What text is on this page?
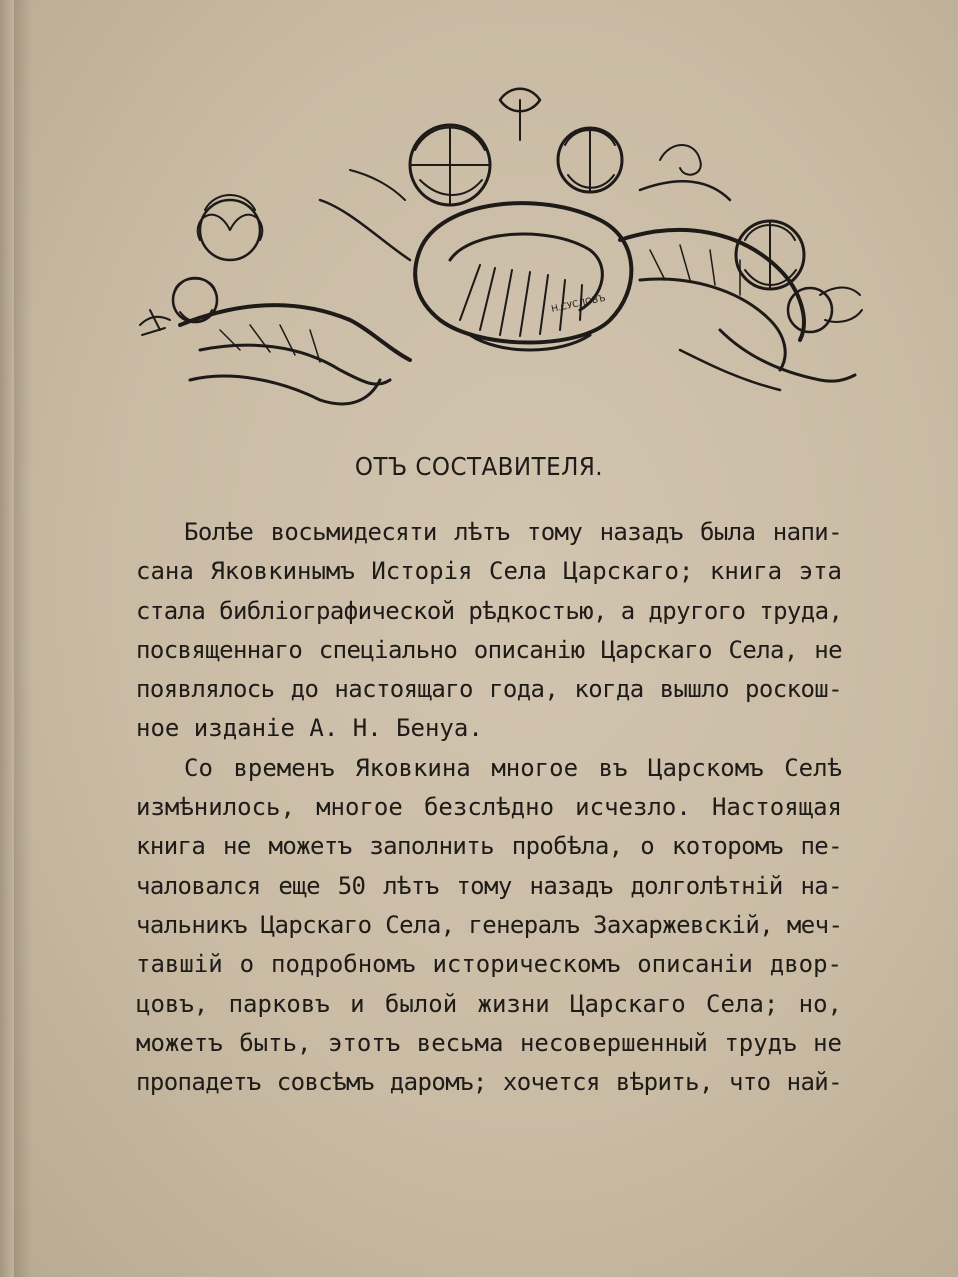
Н.СУСЛОВЪ
ОТЪ СОСТАВИТЕЛЯ.
Болѣе восьмидесяти лѣтъ тому назадъ была напи-
сана Яковкинымъ Исторія Села Царскаго; книга эта
стала библіографической рѣдкостью, а другого труда,
посвященнаго спеціально описанію Царскаго Села, не
появлялось до настоящаго года, когда вышло роскош-
ное изданіе А. Н. Бенуа.
Со временъ Яковкина многое въ Царскомъ Селѣ
измѣнилось, многое безслѣдно исчезло. Настоящая
книга не можетъ заполнить пробѣла, о которомъ пе-
чаловался еще 50 лѣтъ тому назадъ долголѣтній на-
чальникъ Царскаго Села, генералъ Захаржевскій, меч-
тавшій о подробномъ историческомъ описаніи двор-
цовъ, парковъ и былой жизни Царскаго Села; но,
можетъ быть, этотъ весьма несовершенный трудъ не
пропадетъ совсѣмъ даромъ; хочется вѣрить, что най-
